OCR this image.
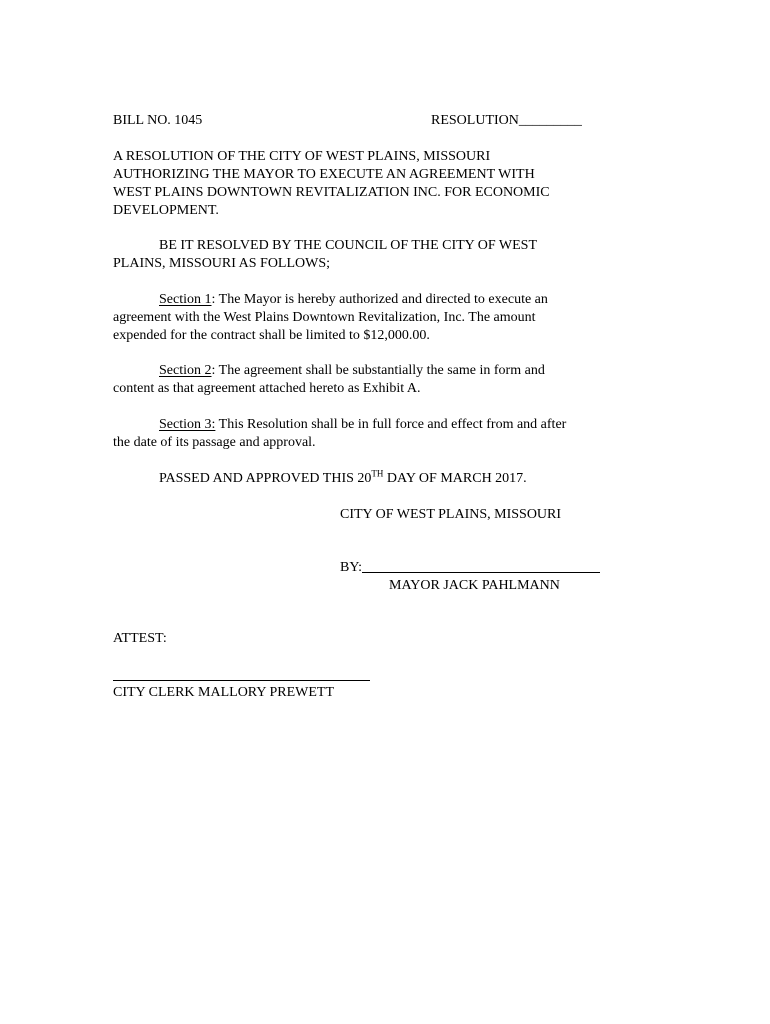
BILL NO. 1045	RESOLUTION_________

A RESOLUTION OF THE CITY OF WEST PLAINS, MISSOURI
AUTHORIZING THE MAYOR TO EXECUTE AN AGREEMENT WITH
WEST PLAINS DOWNTOWN REVITALIZATION INC. FOR ECONOMIC
DEVELOPMENT.

BE IT RESOLVED BY THE COUNCIL OF THE CITY OF WEST
PLAINS, MISSOURI AS FOLLOWS;

Section 1: The Mayor is hereby authorized and directed to execute an
agreement with the West Plains Downtown Revitalization, Inc. The amount
expended for the contract shall be limited to $12,000.00.

Section 2: The agreement shall be substantially the same in form and
content as that agreement attached hereto as Exhibit A.

Section 3: This Resolution shall be in full force and effect from and after
the date of its passage and approval.

PASSED AND APPROVED THIS 20TH DAY OF MARCH 2017.

CITY OF WEST PLAINS, MISSOURI

BY:

MAYOR JACK PAHLMANN

ATTEST:

CITY CLERK MALLORY PREWETT
